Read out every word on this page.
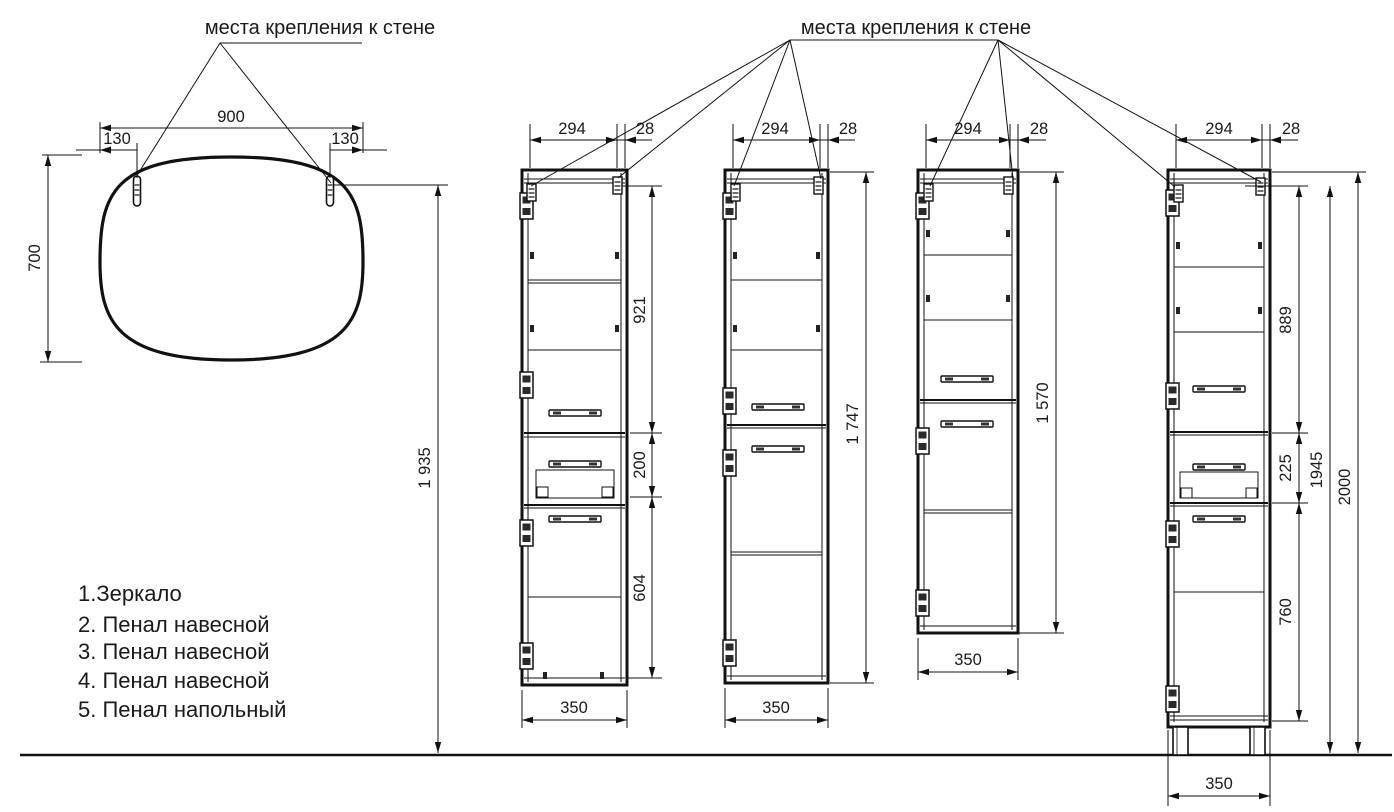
900
130	130
700
1 935
294	28
921
200
604
350
294	28
1 747
350
294	28
1 570
350
294	28
889
225
760
1945 2000
350
места крепления к стене	места крепления к стене
1.Зеркало
2. Пенал навесной
3. Пенал навесной
4. Пенал навесной
5. Пенал напольный
